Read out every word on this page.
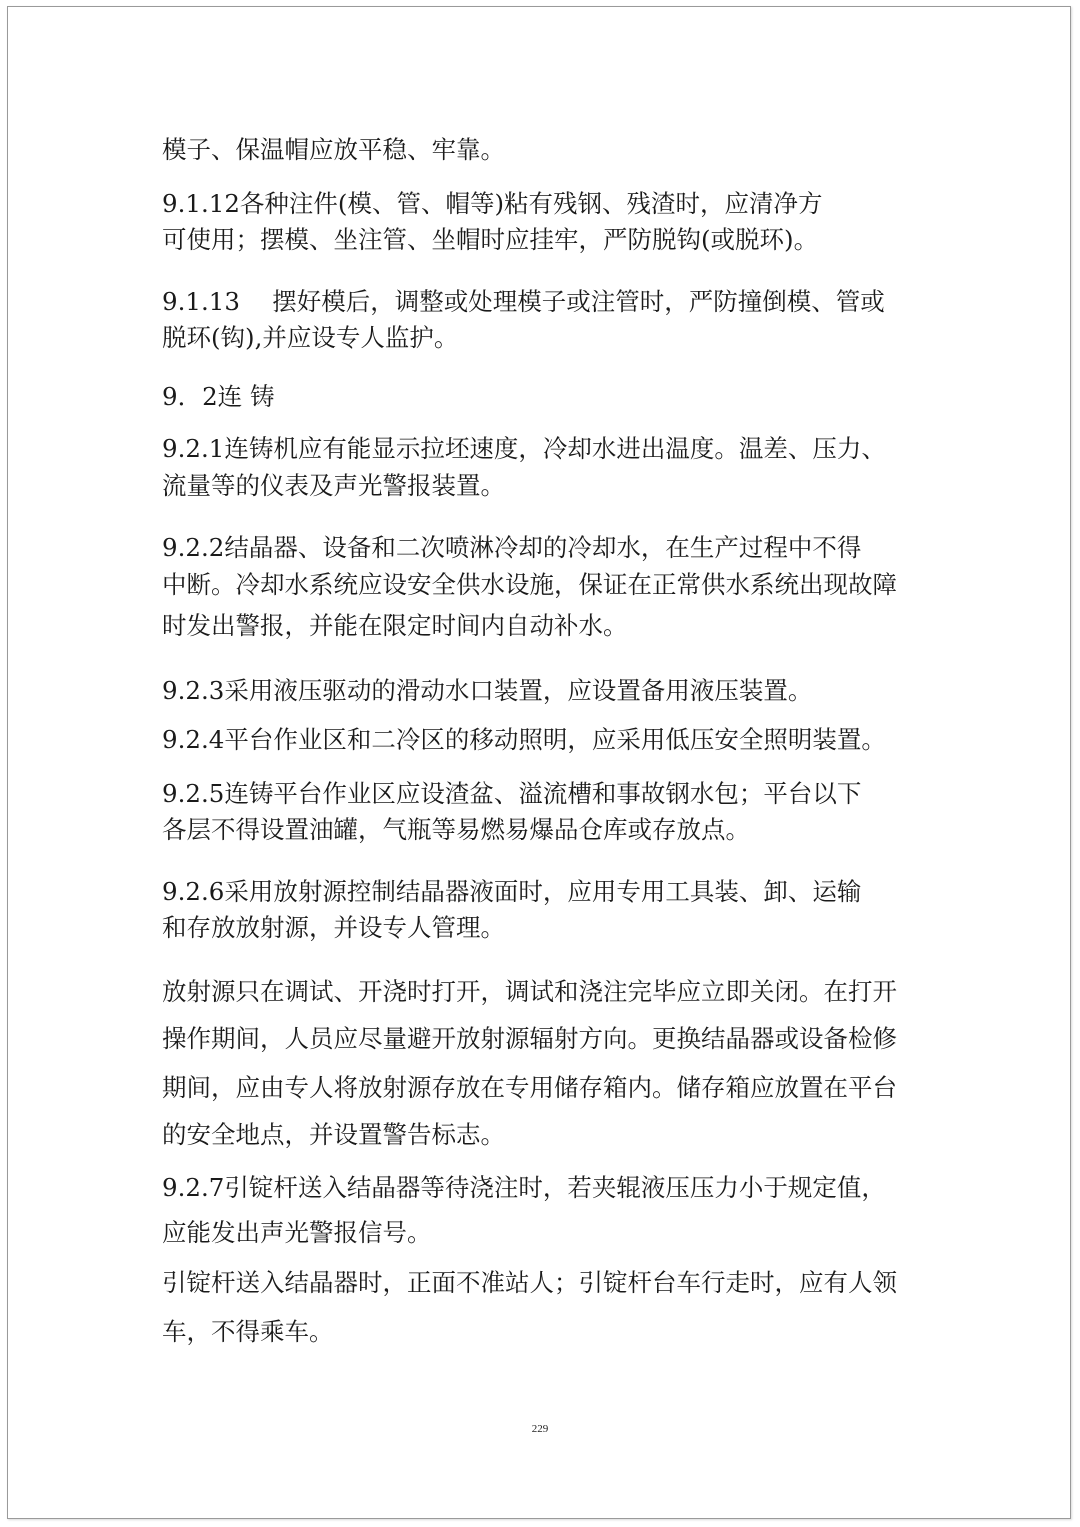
模子、保温帽应放平稳、牢靠。

9.1.12各种注件(模、管、帽等)粘有残钢、残渣时，应清净方

可使用；摆模、坐注管、坐帽时应挂牢，严防脱钩(或脱环)。

9.1.13　 摆好模后，调整或处理模子或注管时，严防撞倒模、管或

脱环(钩),并应设专人监护。

9．2连 铸

9.2.1连铸机应有能显示拉坯速度，冷却水进出温度。温差、压力、

流量等的仪表及声光警报装置。

9.2.2结晶器、设备和二次喷淋冷却的冷却水，在生产过程中不得

中断。冷却水系统应设安全供水设施，保证在正常供水系统出现故障

时发出警报，并能在限定时间内自动补水。

9.2.3采用液压驱动的滑动水口装置，应设置备用液压装置。

9.2.4平台作业区和二冷区的移动照明，应采用低压安全照明装置。

9.2.5连铸平台作业区应设渣盆、溢流槽和事故钢水包；平台以下

各层不得设置油罐，气瓶等易燃易爆品仓库或存放点。

9.2.6采用放射源控制结晶器液面时，应用专用工具装、卸、运输

和存放放射源，并设专人管理。

放射源只在调试、开浇时打开，调试和浇注完毕应立即关闭。在打开

操作期间，人员应尽量避开放射源辐射方向。更换结晶器或设备检修

期间，应由专人将放射源存放在专用储存箱内。储存箱应放置在平台

的安全地点，并设置警告标志。

9.2.7引锭杆送入结晶器等待浇注时，若夹辊液压压力小于规定值，

应能发出声光警报信号。

引锭杆送入结晶器时，正面不准站人；引锭杆台车行走时，应有人领

车，不得乘车。

229
